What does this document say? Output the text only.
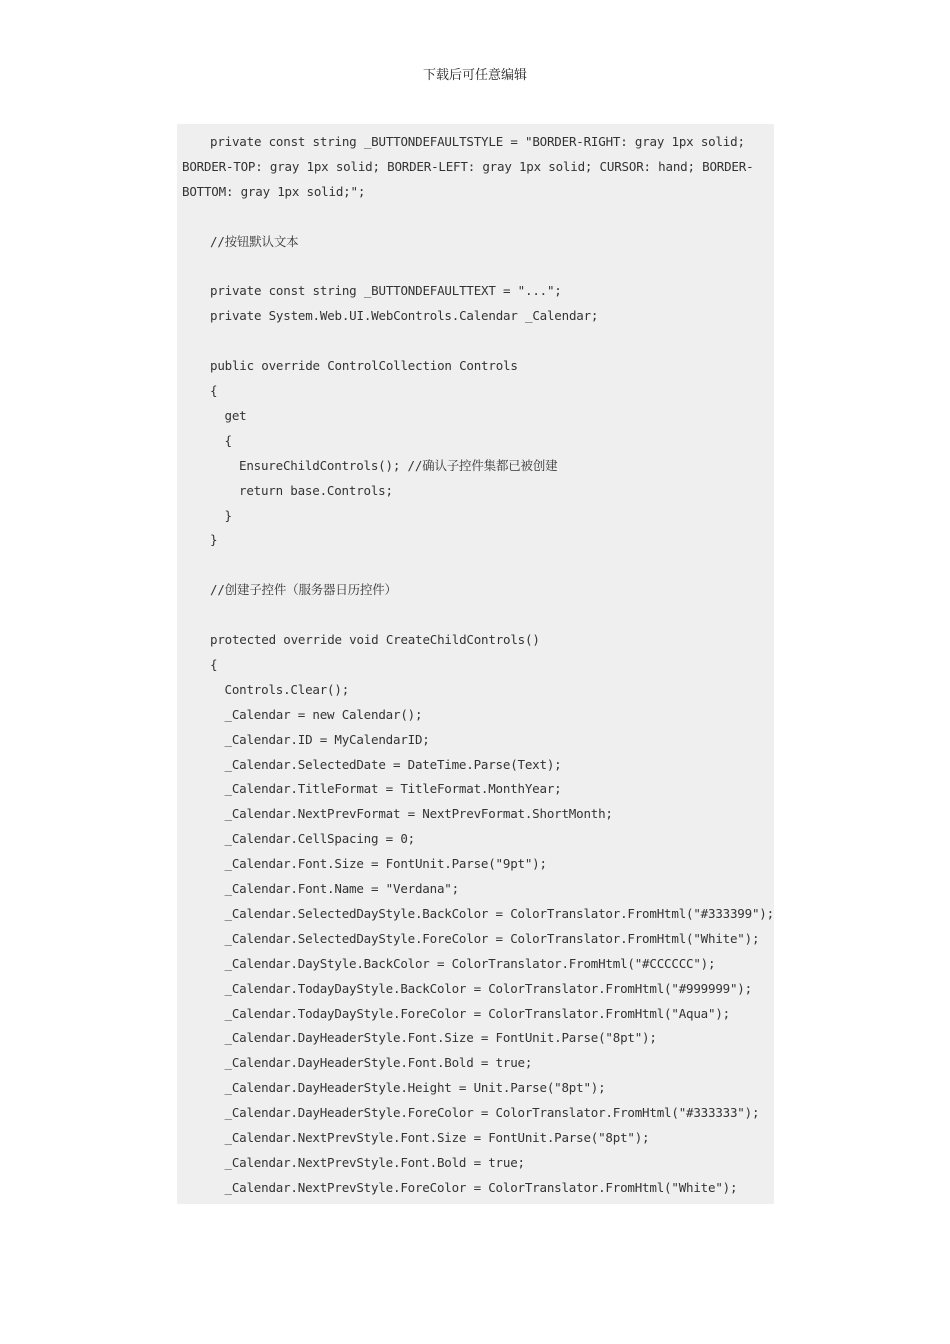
下载后可任意编辑
private const string _BUTTONDEFAULTSTYLE = "BORDER-RIGHT: gray 1px solid;
BORDER-TOP: gray 1px solid; BORDER-LEFT: gray 1px solid; CURSOR: hand; BORDER-
BOTTOM: gray 1px solid;";
//按钮默认文本
private const string _BUTTONDEFAULTTEXT = "...";
private System.Web.UI.WebControls.Calendar _Calendar;
public override ControlCollection Controls
{
get
{
EnsureChildControls(); //确认子控件集都已被创建
return base.Controls;
}
}
//创建子控件（服务器日历控件）
protected override void CreateChildControls()
{
Controls.Clear();
_Calendar = new Calendar();
_Calendar.ID = MyCalendarID;
_Calendar.SelectedDate = DateTime.Parse(Text);
_Calendar.TitleFormat = TitleFormat.MonthYear;
_Calendar.NextPrevFormat = NextPrevFormat.ShortMonth;
_Calendar.CellSpacing = 0;
_Calendar.Font.Size = FontUnit.Parse("9pt");
_Calendar.Font.Name = "Verdana";
_Calendar.SelectedDayStyle.BackColor = ColorTranslator.FromHtml("#333399");
_Calendar.SelectedDayStyle.ForeColor = ColorTranslator.FromHtml("White");
_Calendar.DayStyle.BackColor = ColorTranslator.FromHtml("#CCCCCC");
_Calendar.TodayDayStyle.BackColor = ColorTranslator.FromHtml("#999999");
_Calendar.TodayDayStyle.ForeColor = ColorTranslator.FromHtml("Aqua");
_Calendar.DayHeaderStyle.Font.Size = FontUnit.Parse("8pt");
_Calendar.DayHeaderStyle.Font.Bold = true;
_Calendar.DayHeaderStyle.Height = Unit.Parse("8pt");
_Calendar.DayHeaderStyle.ForeColor = ColorTranslator.FromHtml("#333333");
_Calendar.NextPrevStyle.Font.Size = FontUnit.Parse("8pt");
_Calendar.NextPrevStyle.Font.Bold = true;
_Calendar.NextPrevStyle.ForeColor = ColorTranslator.FromHtml("White");
